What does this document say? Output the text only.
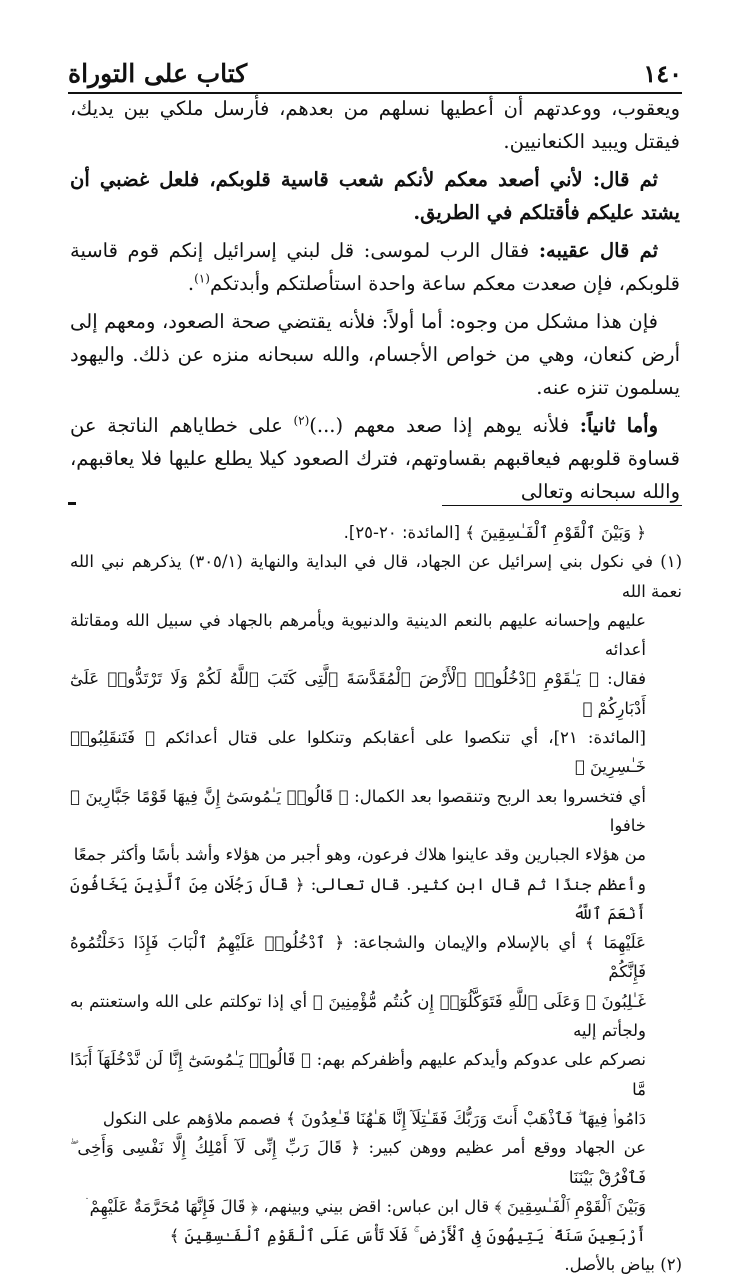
١٤٠
كتاب على التوراة

ويعقوب، ووعدتهم أن أعطيها نسلهم من بعدهم، فأرسل ملكي بين يديك، فيقتل ويبيد الكنعانيين.

ثم قال: لأني أصعد معكم لأنكم شعب قاسية قلوبكم، فلعل غضبي أن يشتد عليكم فأقتلكم في الطريق.

ثم قال عقيبه: فقال الرب لموسى: قل لبني إسرائيل إنكم قوم قاسية قلوبكم، فإن صعدت معكم ساعة واحدة استأصلتكم وأبدتكم$^{(١)}$.

فإن هذا مشكل من وجوه: أما أولاً: فلأنه يقتضي صحة الصعود، ومعهم إلى أرض كنعان، وهي من خواص الأجسام، والله سبحانه منزه عن ذلك. واليهود يسلمون تنزه عنه.

وأما ثانياً: فلأنه يوهم إذا صعد معهم (...)$^{(٢)}$ على خطاياهم الناتجة عن قساوة قلوبهم فيعاقبهم بقساوتهم، فترك الصعود كيلا يطلع عليها فلا يعاقبهم، والله سبحانه وتعالى

﴿ وَبَيْنَ ٱلْقَوْمِ ٱلْفَـٰسِقِينَ ﴾ [المائدة: ٢٠-٢٥].

(١) في نكول بني إسرائيل عن الجهاد، قال في البداية والنهاية (٣٠٥/١) يذكرهم نبي الله نعمة الله

عليهم وإحسانه عليهم بالنعم الدينية والدنيوية ويأمرهم بالجهاد في سبيل الله ومقاتلة أعدائه

فقال: ﴿ يَـٰقَوْمِ ٱدْخُلُوا۟ ٱلْأَرْضَ ٱلْمُقَدَّسَةَ ٱلَّتِى كَتَبَ ٱللَّهُ لَكُمْ وَلَا تَرْتَدُّوا۟ عَلَىٰٓ أَدْبَارِكُمْ ﴾

[المائدة: ٢١]، أي تنكصوا على أعقابكم وتنكلوا على قتال أعدائكم ﴿ فَتَنقَلِبُوا۟ خَـٰسِرِينَ ﴾

أي فتخسروا بعد الربح وتنقصوا بعد الكمال: ﴿ قَالُوا۟ يَـٰمُوسَىٰٓ إِنَّ فِيهَا قَوْمًا جَبَّارِينَ ﴾ خافوا

من هؤلاء الجبارين وقد عاينوا هلاك فرعون، وهو أجبر من هؤلاء وأشد بأسًا وأكثر جمعًا

وأعظم جندًا ثم قال ابن كثير. قال تعالى: ﴿ قَالَ رَجُلَانِ مِنَ ٱلَّذِينَ يَخَافُونَ أَنْعَمَ ٱللَّهُ

عَلَيْهِمَا ﴾ أي بالإسلام والإيمان والشجاعة: ﴿ ٱدْخُلُوا۟ عَلَيْهِمُ ٱلْبَابَ فَإِذَا دَخَلْتُمُوهُ فَإِنَّكُمْ

غَـٰلِبُونَ ۚ وَعَلَى ٱللَّهِ فَتَوَكَّلُوٓا۟ إِن كُنتُم مُّؤْمِنِينَ ﴾ أي إذا توكلتم على الله واستعنتم به ولجأتم إليه

نصركم على عدوكم وأيدكم عليهم وأظفركم بهم: ﴿ قَالُوا۟ يَـٰمُوسَىٰٓ إِنَّا لَن نَّدْخُلَهَآ أَبَدًا مَّا

دَامُوا۟ فِيهَا ۖ فَٱذْهَبْ أَنتَ وَرَبُّكَ فَقَـٰتِلَآ إِنَّا هَـٰهُنَا قَـٰعِدُونَ ﴾ فصمم ملاؤهم على النكول

عن الجهاد ووقع أمر عظيم ووهن كبير: ﴿ قَالَ رَبِّ إِنِّى لَآ أَمْلِكُ إِلَّا نَفْسِى وَأَخِى ۖ فَٱفْرُقْ بَيْنَنَا

وَبَيْنَ ٱلْقَوْمِ ٱلْفَـٰسِقِينَ ﴾ قال ابن عباس: اقض بيني وبينهم، ﴿ قَالَ فَإِنَّهَا مُحَرَّمَةٌ عَلَيْهِمْ ۛ

أَرْبَعِينَ سَنَةً ۛ يَتِيهُونَ فِى ٱلْأَرْضِ ۚ فَلَا تَأْسَ عَلَى ٱلْقَوْمِ ٱلْفَـٰسِقِينَ ﴾

(٢) بياض بالأصل.
